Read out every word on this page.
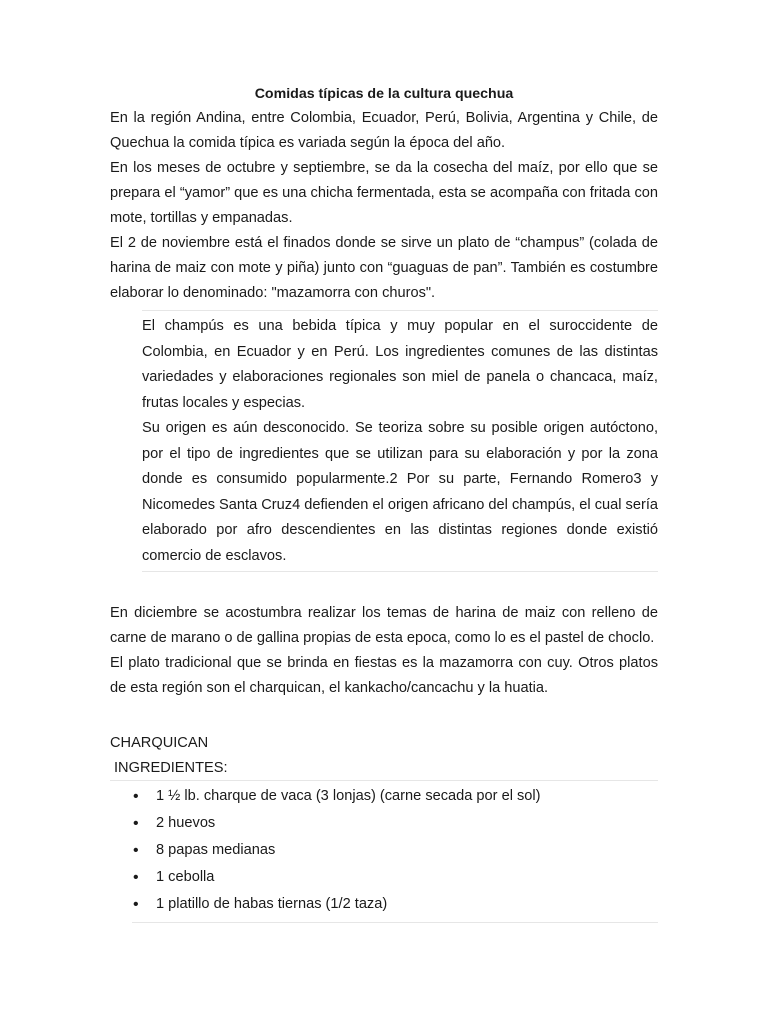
Comidas típicas de la cultura quechua

En la región Andina, entre Colombia, Ecuador, Perú, Bolivia, Argentina y Chile, de Quechua la comida típica es variada según la época del año.

En los meses de octubre y septiembre, se da la cosecha del maíz, por ello que se prepara el “yamor” que es una chicha fermentada, esta se acompaña con fritada con mote, tortillas y empanadas.

El 2 de noviembre está el finados donde se sirve un plato de “champus” (colada de harina de maiz con mote y piña) junto con “guaguas de pan”. También es costumbre elaborar lo denominado: "mazamorra con churos".

El champús es una bebida típica y muy popular en el suroccidente de Colombia, en Ecuador y en Perú. Los ingredientes comunes de las distintas variedades y elaboraciones regionales son miel de panela o chancaca, maíz, frutas locales y especias.

Su origen es aún desconocido. Se teoriza sobre su posible origen autóctono, por el tipo de ingredientes que se utilizan para su elaboración y por la zona donde es consumido popularmente.2 Por su parte, Fernando Romero3 y Nicomedes Santa Cruz4 defienden el origen africano del champús, el cual sería elaborado por afro descendientes en las distintas regiones donde existió comercio de esclavos.

En diciembre se acostumbra realizar los temas de harina de maiz con relleno de carne de marano o de gallina propias de esta epoca, como lo es el pastel de choclo.

El plato tradicional que se brinda en fiestas es la mazamorra con cuy. Otros platos de esta región son el charquican, el kankacho/cancachu y la huatia.

CHARQUICAN
INGREDIENTES:
• 1 ½ lb. charque de vaca (3 lonjas) (carne secada por el sol)
• 2 huevos
• 8 papas medianas
• 1 cebolla
• 1 platillo de habas tiernas (1/2 taza)
